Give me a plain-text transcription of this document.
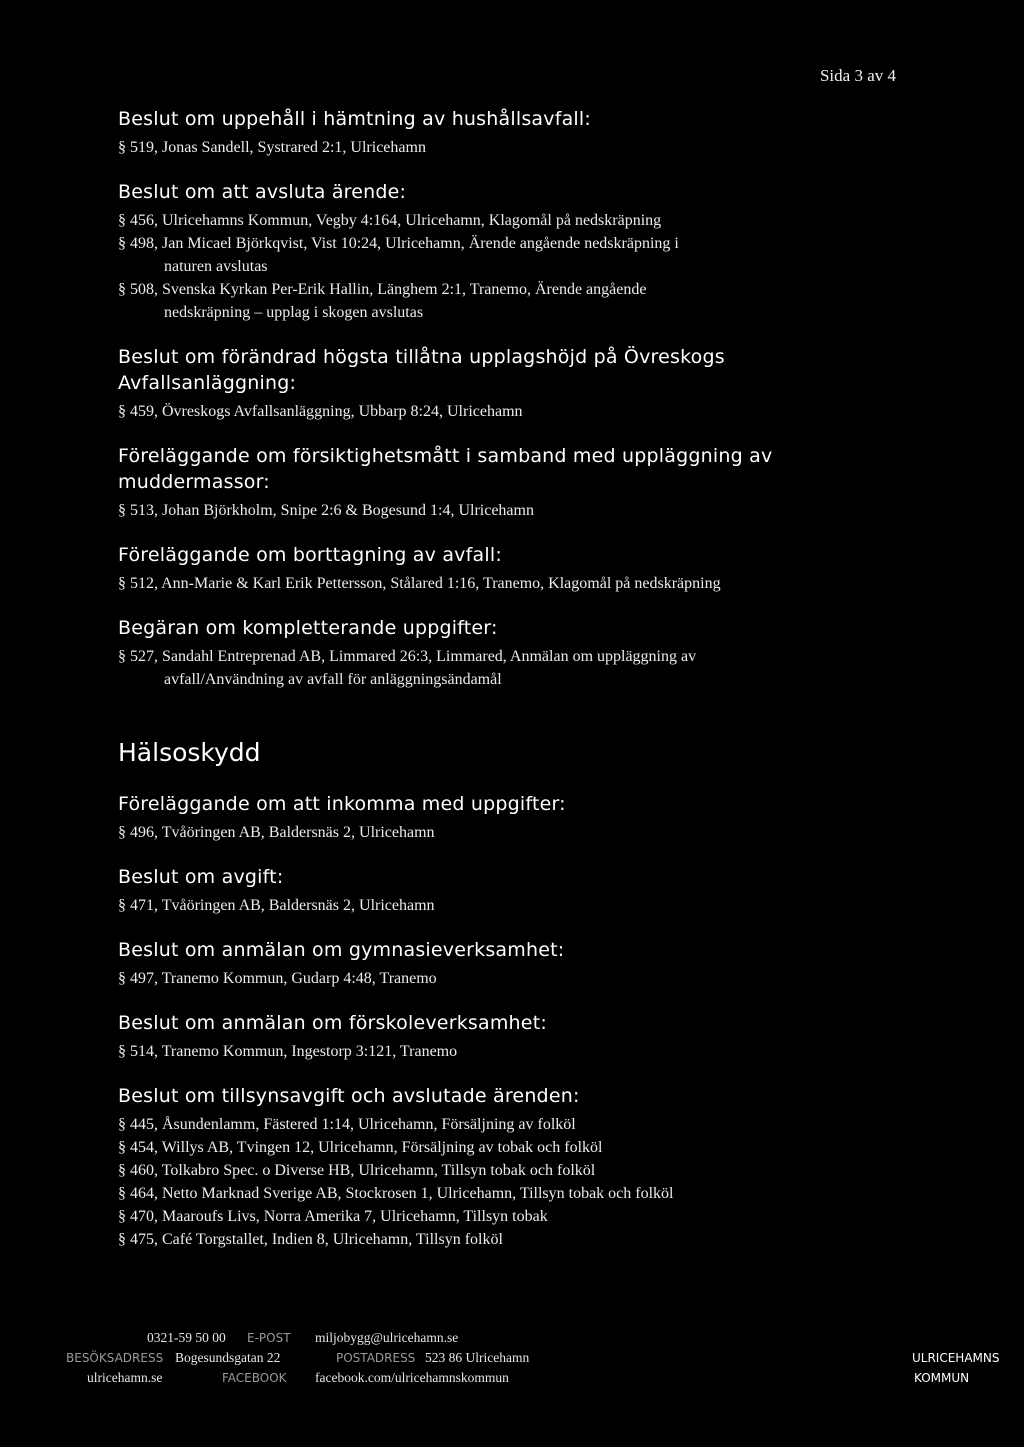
Sida 3 av 4
Beslut om uppehåll i hämtning av hushållsavfall:
§ 519, Jonas Sandell, Systrared 2:1, Ulricehamn
Beslut om att avsluta ärende:
§ 456, Ulricehamns Kommun, Vegby 4:164, Ulricehamn, Klagomål på nedskräpning
§ 498, Jan Micael Björkqvist, Vist 10:24, Ulricehamn, Ärende angående nedskräpning i
naturen avslutas
§ 508, Svenska Kyrkan Per-Erik Hallin, Länghem 2:1, Tranemo, Ärende angående
nedskräpning – upplag i skogen avslutas
Beslut om förändrad högsta tillåtna upplagshöjd på Övreskogs Avfallsanläggning:
§ 459, Övreskogs Avfallsanläggning, Ubbarp 8:24, Ulricehamn
Föreläggande om försiktighetsmått i samband med uppläggning av muddermassor:
§ 513, Johan Björkholm, Snipe 2:6 & Bogesund 1:4, Ulricehamn
Föreläggande om borttagning av avfall:
§ 512, Ann-Marie & Karl Erik Pettersson, Stålared 1:16, Tranemo, Klagomål på nedskräpning
Begäran om kompletterande uppgifter:
§ 527, Sandahl Entreprenad AB, Limmared 26:3, Limmared, Anmälan om uppläggning av
avfall/Användning av avfall för anläggningsändamål
Hälsoskydd
Föreläggande om att inkomma med uppgifter:
§ 496, Tvåöringen AB, Baldersnäs 2, Ulricehamn
Beslut om avgift:
§ 471, Tvåöringen AB, Baldersnäs 2, Ulricehamn
Beslut om anmälan om gymnasieverksamhet:
§ 497, Tranemo Kommun, Gudarp 4:48, Tranemo
Beslut om anmälan om förskoleverksamhet:
§ 514, Tranemo Kommun, Ingestorp 3:121, Tranemo
Beslut om tillsynsavgift och avslutade ärenden:
§ 445, Åsundenlamm, Fästered 1:14, Ulricehamn, Försäljning av folköl
§ 454, Willys AB, Tvingen 12, Ulricehamn, Försäljning av tobak och folköl
§ 460, Tolkabro Spec. o Diverse HB, Ulricehamn, Tillsyn tobak och folköl
§ 464, Netto Marknad Sverige AB, Stockrosen 1, Ulricehamn, Tillsyn tobak och folköl
§ 470, Maaroufs Livs, Norra Amerika 7, Ulricehamn, Tillsyn tobak
§ 475, Café Torgstallet, Indien 8, Ulricehamn, Tillsyn folköl
0321-59 50 00 E-POST miljobygg@ulricehamn.se
BESÖKSADRESS Bogesundsgatan 22	POSTADRESS 523 86 Ulricehamn	ULRICEHAMNS
ulricehamn.se	FACEBOOK facebook.com/ulricehamnskommun	KOMMUN
